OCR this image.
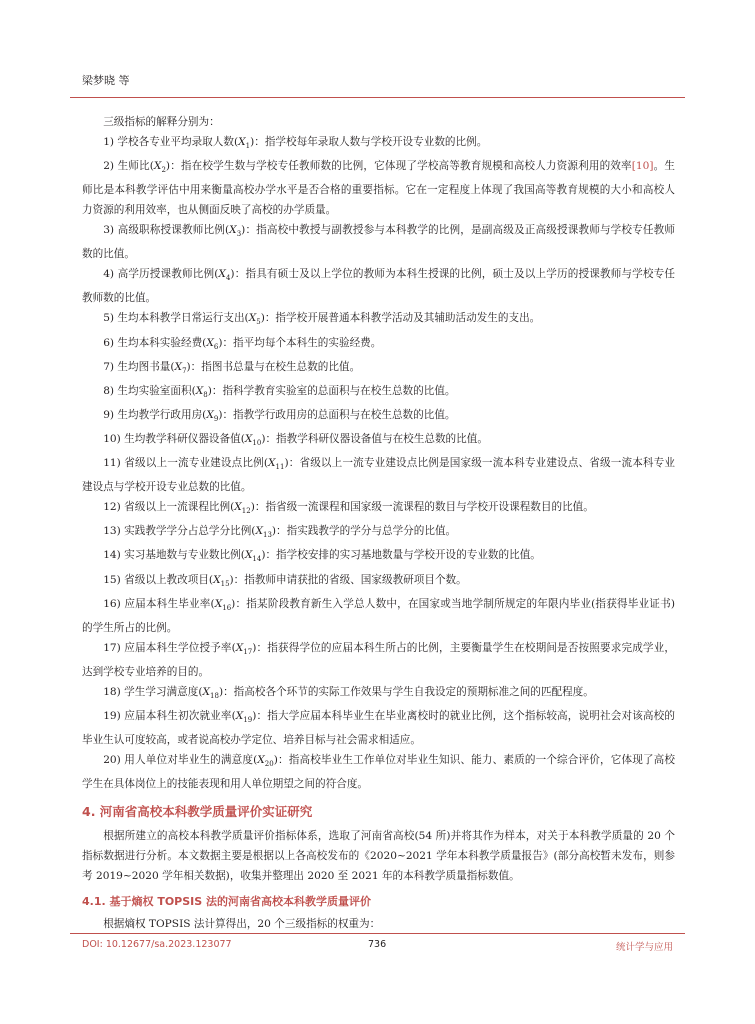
梁梦晓 等

三级指标的解释分别为：

1) 学校各专业平均录取人数$(X_1)$：指学校每年录取人数与学校开设专业数的比例。

2) 生师比$(X_2)$：指在校学生数与学校专任教师数的比例，它体现了学校高等教育规模和高校人力资源利用的效率[10]。生师比是本科教学评估中用来衡量高校办学水平是否合格的重要指标。它在一定程度上体现了我国高等教育规模的大小和高校人力资源的利用效率，也从侧面反映了高校的办学质量。

3) 高级职称授课教师比例$(X_3)$：指高校中教授与副教授参与本科教学的比例，是副高级及正高级授课教师与学校专任教师数的比值。

4) 高学历授课教师比例$(X_4)$：指具有硕士及以上学位的教师为本科生授课的比例，硕士及以上学历的授课教师与学校专任教师数的比值。

5) 生均本科教学日常运行支出$(X_5)$：指学校开展普通本科教学活动及其辅助活动发生的支出。

6) 生均本科实验经费$(X_6)$：指平均每个本科生的实验经费。

7) 生均图书量$(X_7)$：指图书总量与在校生总数的比值。

8) 生均实验室面积$(X_8)$：指科学教育实验室的总面积与在校生总数的比值。

9) 生均教学行政用房$(X_9)$：指教学行政用房的总面积与在校生总数的比值。

10) 生均教学科研仪器设备值$(X_{10})$：指教学科研仪器设备值与在校生总数的比值。

11) 省级以上一流专业建设点比例$(X_{11})$：省级以上一流专业建设点比例是国家级一流本科专业建设点、省级一流本科专业建设点与学校开设专业总数的比值。

12) 省级以上一流课程比例$(X_{12})$：指省级一流课程和国家级一流课程的数目与学校开设课程数目的比值。

13) 实践教学学分占总学分比例$(X_{13})$：指实践教学的学分与总学分的比值。

14) 实习基地数与专业数比例$(X_{14})$：指学校安排的实习基地数量与学校开设的专业数的比值。

15) 省级以上教改项目$(X_{15})$：指教师申请获批的省级、国家级教研项目个数。

16) 应届本科生毕业率$(X_{16})$：指某阶段教育新生入学总人数中，在国家或当地学制所规定的年限内毕业(指获得毕业证书)的学生所占的比例。

17) 应届本科生学位授予率$(X_{17})$：指获得学位的应届本科生所占的比例，主要衡量学生在校期间是否按照要求完成学业，达到学校专业培养的目的。

18) 学生学习满意度$(X_{18})$：指高校各个环节的实际工作效果与学生自我设定的预期标准之间的匹配程度。

19) 应届本科生初次就业率$(X_{19})$：指大学应届本科毕业生在毕业离校时的就业比例，这个指标较高，说明社会对该高校的毕业生认可度较高，或者说高校办学定位、培养目标与社会需求相适应。

20) 用人单位对毕业生的满意度$(X_{20})$：指高校毕业生工作单位对毕业生知识、能力、素质的一个综合评价，它体现了高校学生在具体岗位上的技能表现和用人单位期望之间的符合度。

4. 河南省高校本科教学质量评价实证研究

根据所建立的高校本科教学质量评价指标体系，选取了河南省高校(54 所)并将其作为样本，对关于本科教学质量的 20 个指标数据进行分析。本文数据主要是根据以上各高校发布的《2020~2021 学年本科教学质量报告》(部分高校暂未发布，则参考 2019~2020 学年相关数据)，收集并整理出 2020 至 2021 年的本科教学质量指标数值。

4.1. 基于熵权 TOPSIS 法的河南省高校本科教学质量评价

根据熵权 TOPSIS 法计算得出，20 个三级指标的权重为：

DOI: 10.12677/sa.2023.123077	736	统计学与应用
